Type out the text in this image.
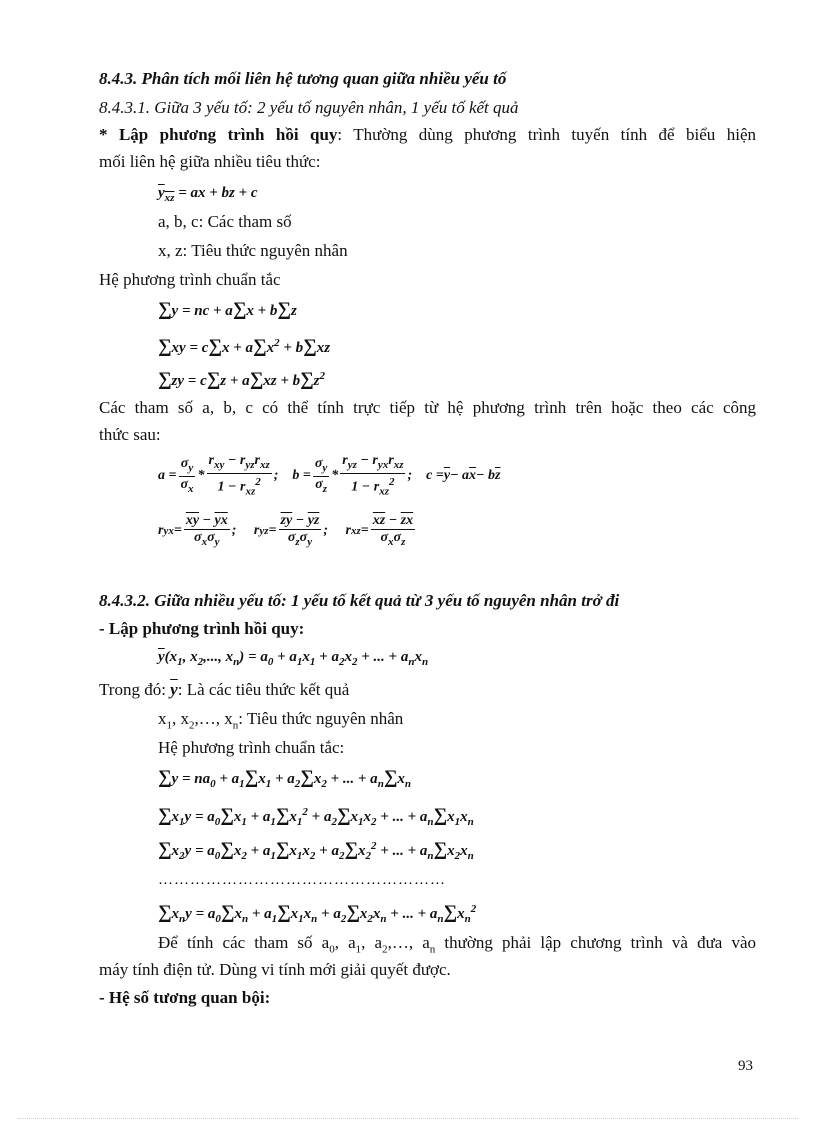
8.4.3. Phân tích mối liên hệ tương quan giữa nhiều yếu tố
8.4.3.1. Giữa 3 yếu tố: 2 yếu tố nguyên nhân, 1 yếu tố kết quả
* Lập phương trình hồi quy: Thường dùng phương trình tuyến tính để biểu hiện
mối liên hệ giữa nhiều tiêu thức:
$y_{xz}$ = ax + bz + c
a, b, c: Các tham số
x, z: Tiêu thức nguyên nhân
Hệ phương trình chuẩn tắc
∑y = nc + a∑x + b∑z
$\sum xy = c\sum x + a\sum x^2 + b\sum xz$
$\sum zy = c\sum z + a\sum xz + b\sum z^2$
Các tham số a, b, c có thể tính trực tiếp từ hệ phương trình trên hoặc theo các công
thức sau:
$a = \frac{\sigma_y}{\sigma_x} * \frac{r_{xy} - r_{yz}r_{xz}}{1 - r_{xz}^2}$ ;    $b = \frac{\sigma_y}{\sigma_z} * \frac{r_{yz} - r_{yx}r_{xz}}{1 - r_{xz}^2}$ ;    $c = \overline{y} - a$ $\overline{x} - b$ $\overline{z}$
r yx = $\frac{\overline{xy} - \overline{y}\overline{x}}{\sigma_x\sigma_y}$ ;     r yz = $\frac{\overline{zy} - \overline{y}\overline{z}}{\sigma_z\sigma_y}$ ;     r xz = $\frac{\overline{xz} - \overline{z}\overline{x}}{\sigma_x\sigma_z}$
8.4.3.2. Giữa nhiều yếu tố: 1 yếu tố kết quả từ 3 yếu tố nguyên nhân trở đi
- Lập phương trình hồi quy:
$\overline{y}(x_1$, $x_2$,..., $x_n) = a_0 + a_1x_1 + a_2x_2$ + ... + $a_nx_n$
Trong đó: $\overline{y}$: Là các tiêu thức kết quả
$x_1$, $x_2,\dots$, $x_n$: Tiêu thức nguyên nhân
Hệ phương trình chuẩn tắc:
$\sum y = na_0 + a_1\sum x_1 + a_2\sum x_2$ + ... + $a_n\sum x_n$
$\sum x_1y = a_0\sum x_1 + a_1\sum x_1^2 + a_2\sum x_1x_2$ + ... + $a_n\sum x_1x_n$
$\sum x_2y = a_0\sum x_2 + a_1\sum x_1x_2 + a_2\sum x_2^2$ + ... + $a_n\sum x_2x_n$
………………………………………………
$\sum x_ny = a_0\sum x_n + a_1\sum x_1x_n + a_2\sum x_2x_n$ + ... + $a_n\sum x_n^2$
Để tính các tham số $a_0$, $a_1$, $a_2,\dots$, $a_n$ thường phải lập chương trình và đưa vào
máy tính điện tử. Dùng vi tính mới giải quyết được.
- Hệ số tương quan bội:
93
